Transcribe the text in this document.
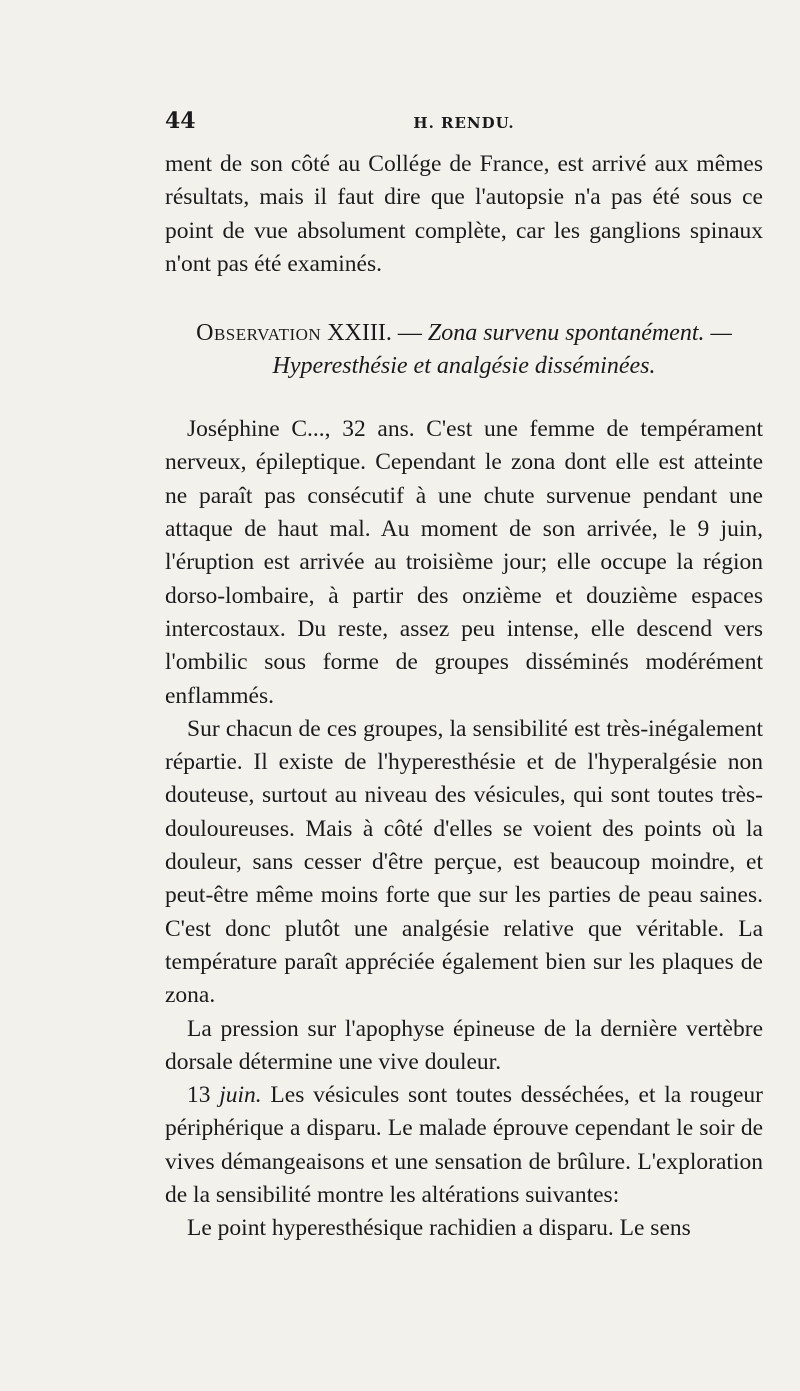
44	H. RENDU.

ment de son côté au Collége de France, est arrivé aux mêmes résultats, mais il faut dire que l'autopsie n'a pas été sous ce point de vue absolument complète, car les ganglions spinaux n'ont pas été examinés.

Observation XXIII. — Zona survenu spontanément. —
Hyperesthésie et analgésie disséminées.

Joséphine C..., 32 ans. C'est une femme de tempérament nerveux, épileptique. Cependant le zona dont elle est atteinte ne paraît pas consécutif à une chute survenue pendant une attaque de haut mal. Au moment de son arrivée, le 9 juin, l'éruption est arrivée au troisième jour; elle occupe la région dorso-lombaire, à partir des onzième et douzième espaces intercostaux. Du reste, assez peu intense, elle descend vers l'ombilic sous forme de groupes disséminés modérément enflammés.

Sur chacun de ces groupes, la sensibilité est très-inégalement répartie. Il existe de l'hyperesthésie et de l'hyperalgésie non douteuse, surtout au niveau des vésicules, qui sont toutes très-douloureuses. Mais à côté d'elles se voient des points où la douleur, sans cesser d'être perçue, est beaucoup moindre, et peut-être même moins forte que sur les parties de peau saines. C'est donc plutôt une analgésie relative que véritable. La température paraît appréciée également bien sur les plaques de zona.

La pression sur l'apophyse épineuse de la dernière vertèbre dorsale détermine une vive douleur.

13 juin. Les vésicules sont toutes desséchées, et la rougeur périphérique a disparu. Le malade éprouve cependant le soir de vives démangeaisons et une sensation de brûlure. L'exploration de la sensibilité montre les altérations suivantes:

Le point hyperesthésique rachidien a disparu. Le sens
